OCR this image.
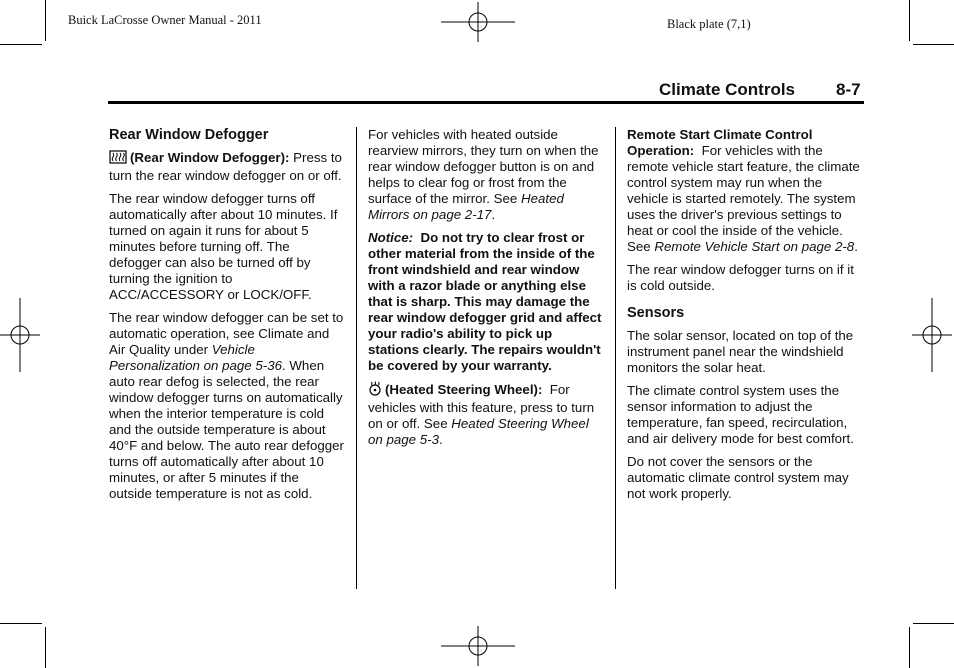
Buick LaCrosse Owner Manual - 2011	Black plate (7,1)
Climate Controls 8-7
Rear Window Defogger

(Rear Window Defogger): Press to turn the rear window defogger on or off.

The rear window defogger turns off automatically after about 10 minutes. If turned on again it runs for about 5 minutes before turning off. The defogger can also be turned off by turning the ignition to ACC/ACCESSORY or LOCK/OFF.

The rear window defogger can be set to automatic operation, see Climate and Air Quality under Vehicle Personalization on page 5-36. When auto rear defog is selected, the rear window defogger turns on automatically when the interior temperature is cold and the outside temperature is about 40°F and below. The auto rear defogger turns off automatically after about 10 minutes, or after 5 minutes if the outside temperature is not as cold.

For vehicles with heated outside rearview mirrors, they turn on when the rear window defogger button is on and helps to clear fog or frost from the surface of the mirror. See Heated Mirrors on page 2-17.

Notice: Do not try to clear frost or other material from the inside of the front windshield and rear window with a razor blade or anything else that is sharp. This may damage the rear window defogger grid and affect your radio's ability to pick up stations clearly. The repairs wouldn't be covered by your warranty.

(Heated Steering Wheel): For vehicles with this feature, press to turn on or off. See Heated Steering Wheel on page 5-3.

Remote Start Climate Control Operation: For vehicles with the remote vehicle start feature, the climate control system may run when the vehicle is started remotely. The system uses the driver's previous settings to heat or cool the inside of the vehicle. See Remote Vehicle Start on page 2-8.

The rear window defogger turns on if it is cold outside.

Sensors

The solar sensor, located on top of the instrument panel near the windshield monitors the solar heat.

The climate control system uses the sensor information to adjust the temperature, fan speed, recirculation, and air delivery mode for best comfort.

Do not cover the sensors or the automatic climate control system may not work properly.
